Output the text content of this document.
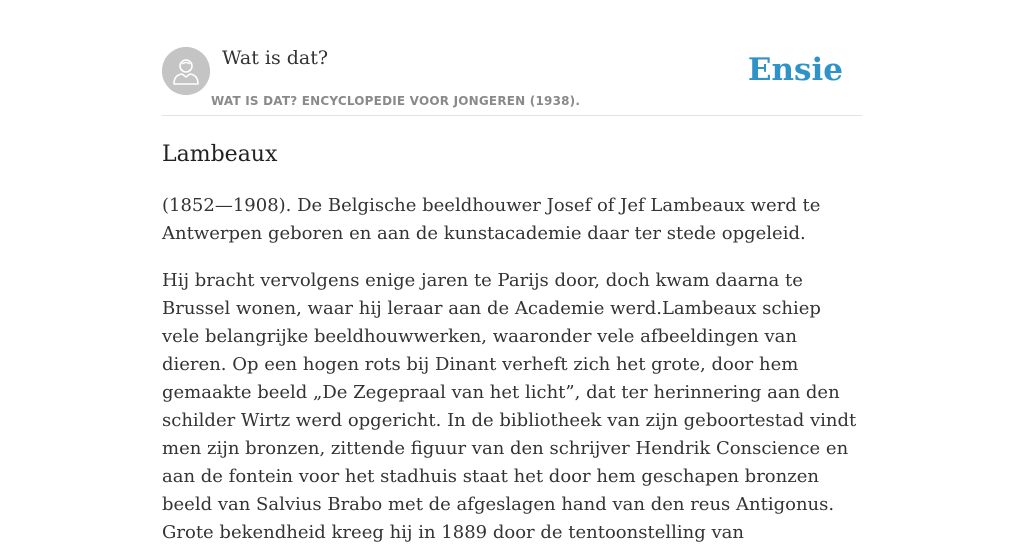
Wat is dat?
WAT IS DAT? ENCYCLOPEDIE VOOR JONGEREN (1938).
Ensie
Lambeaux

(1852—1908). De Belgische beeldhouwer Josef of Jef Lambeaux werd te Antwerpen geboren en aan de kunstacademie daar ter stede opgeleid.

Hij bracht vervolgens enige jaren te Parijs door, doch kwam daarna te Brussel wonen, waar hij leraar aan de Academie werd.Lambeaux schiep vele belangrijke beeldhouwwerken, waaronder vele afbeeldingen van dieren. Op een hogen rots bij Dinant verheft zich het grote, door hem gemaakte beeld „De Zegepraal van het licht”, dat ter herinnering aan den schilder Wirtz werd opgericht. In de bibliotheek van zijn geboortestad vindt men zijn bronzen, zittende figuur van den schrijver Hendrik Conscience en aan de fontein voor het stadhuis staat het door hem geschapen bronzen beeld van Salvius Brabo met de afgeslagen hand van den reus Antigonus. Grote bekendheid kreeg hij in 1889 door de tentoonstelling van
